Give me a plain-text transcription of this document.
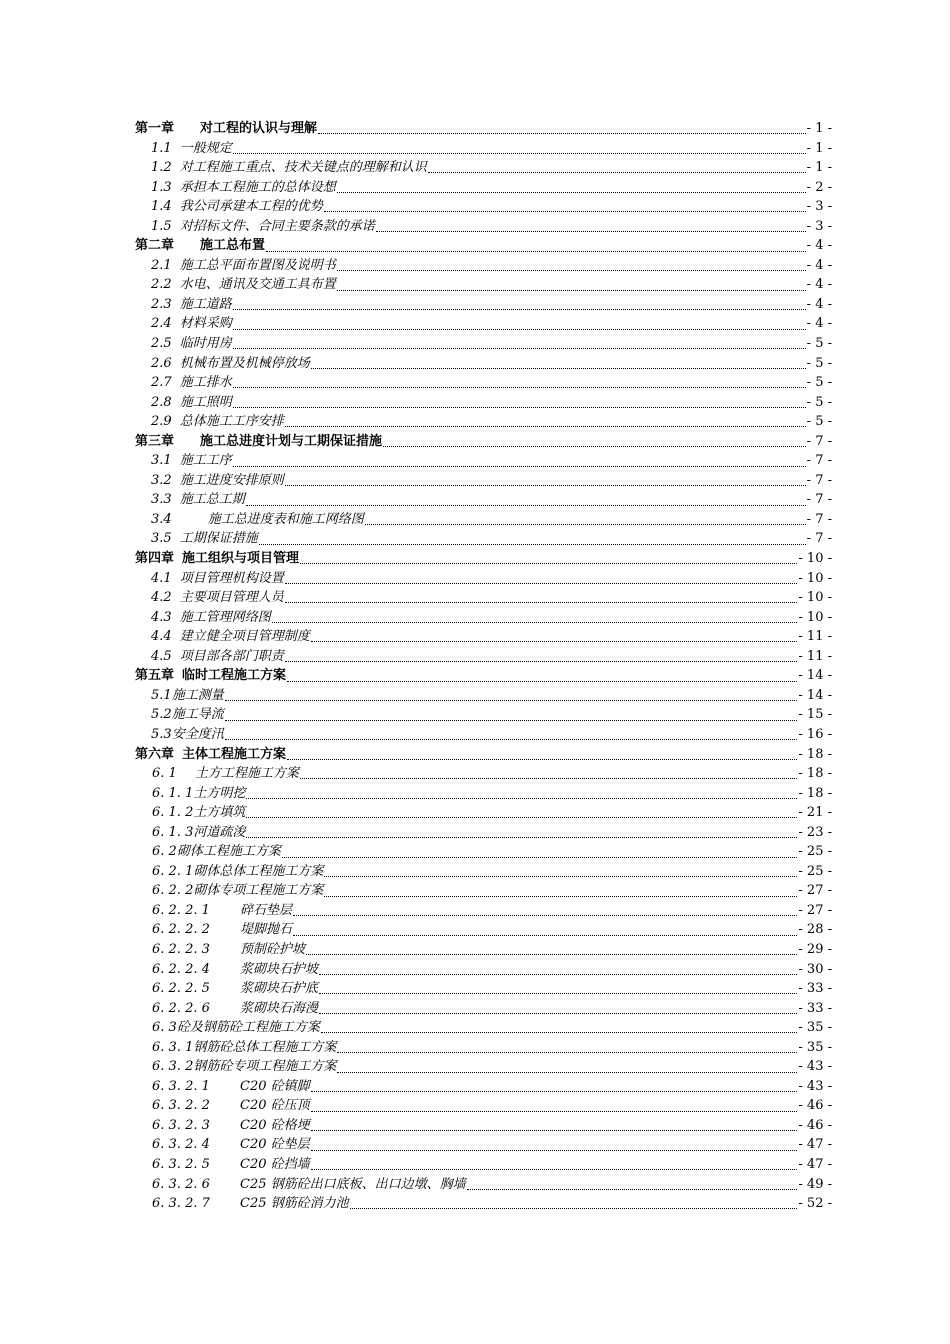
第一章 对工程的认识与理解	- 1 -
1.1 一般规定	- 1 -
1.2 对工程施工重点、技术关键点的理解和认识	- 1 -
1.3 承担本工程施工的总体设想	- 2 -
1.4 我公司承建本工程的优势	- 3 -
1.5 对招标文件、合同主要条款的承诺	- 3 -
第二章 施工总布置	- 4 -
2.1 施工总平面布置图及说明书	- 4 -
2.2 水电、通讯及交通工具布置	- 4 -
2.3 施工道路	- 4 -
2.4 材料采购	- 4 -
2.5 临时用房	- 5 -
2.6 机械布置及机械停放场	- 5 -
2.7 施工排水	- 5 -
2.8 施工照明	- 5 -
2.9 总体施工工序安排	- 5 -
第三章 施工总进度计划与工期保证措施	- 7 -
3.1 施工工序	- 7 -
3.2 施工进度安排原则	- 7 -
3.3 施工总工期	- 7 -
3.4	施工总进度表和施工网络图	- 7 -
3.5 工期保证措施	- 7 -
第四章 施工组织与项目管理	- 10 -
4.1 项目管理机构设置	- 10 -
4.2 主要项目管理人员	- 10 -
4.3 施工管理网络图	- 10 -
4.4 建立健全项目管理制度	- 11 -
4.5 项目部各部门职责	- 11 -
第五章 临时工程施工方案	- 14 -
5.1施工测量	- 14 -
5.2施工导流	- 15 -
5.3安全度汛	- 16 -
第六章 主体工程施工方案	- 18 -
6. 1 土方工程施工方案	- 18 -
6. 1. 1土方明挖	- 18 -
6. 1. 2土方填筑	- 21 -
6. 1. 3河道疏浚	- 23 -
6. 2砌体工程施工方案	- 25 -
6. 2. 1砌体总体工程施工方案	- 25 -
6. 2. 2砌体专项工程施工方案	- 27 -
6. 2. 2. 1 碎石垫层	- 27 -
6. 2. 2. 2 堤脚抛石	- 28 -
6. 2. 2. 3 预制砼护坡	- 29 -
6. 2. 2. 4 浆砌块石护坡	- 30 -
6. 2. 2. 5 浆砌块石护底	- 33 -
6. 2. 2. 6 浆砌块石海漫	- 33 -
6. 3砼及钢筋砼工程施工方案	- 35 -
6. 3. 1钢筋砼总体工程施工方案	- 35 -
6. 3. 2钢筋砼专项工程施工方案	- 43 -
6. 3. 2. 1 C20 砼镇脚	- 43 -
6. 3. 2. 2 C20 砼压顶	- 46 -
6. 3. 2. 3 C20 砼格埂	- 46 -
6. 3. 2. 4 C20 砼垫层	- 47 -
6. 3. 2. 5 C20 砼挡墙	- 47 -
6. 3. 2. 6 C25 钢筋砼出口底板、出口边墩、胸墙	- 49 -
6. 3. 2. 7 C25 钢筋砼消力池	- 52 -
